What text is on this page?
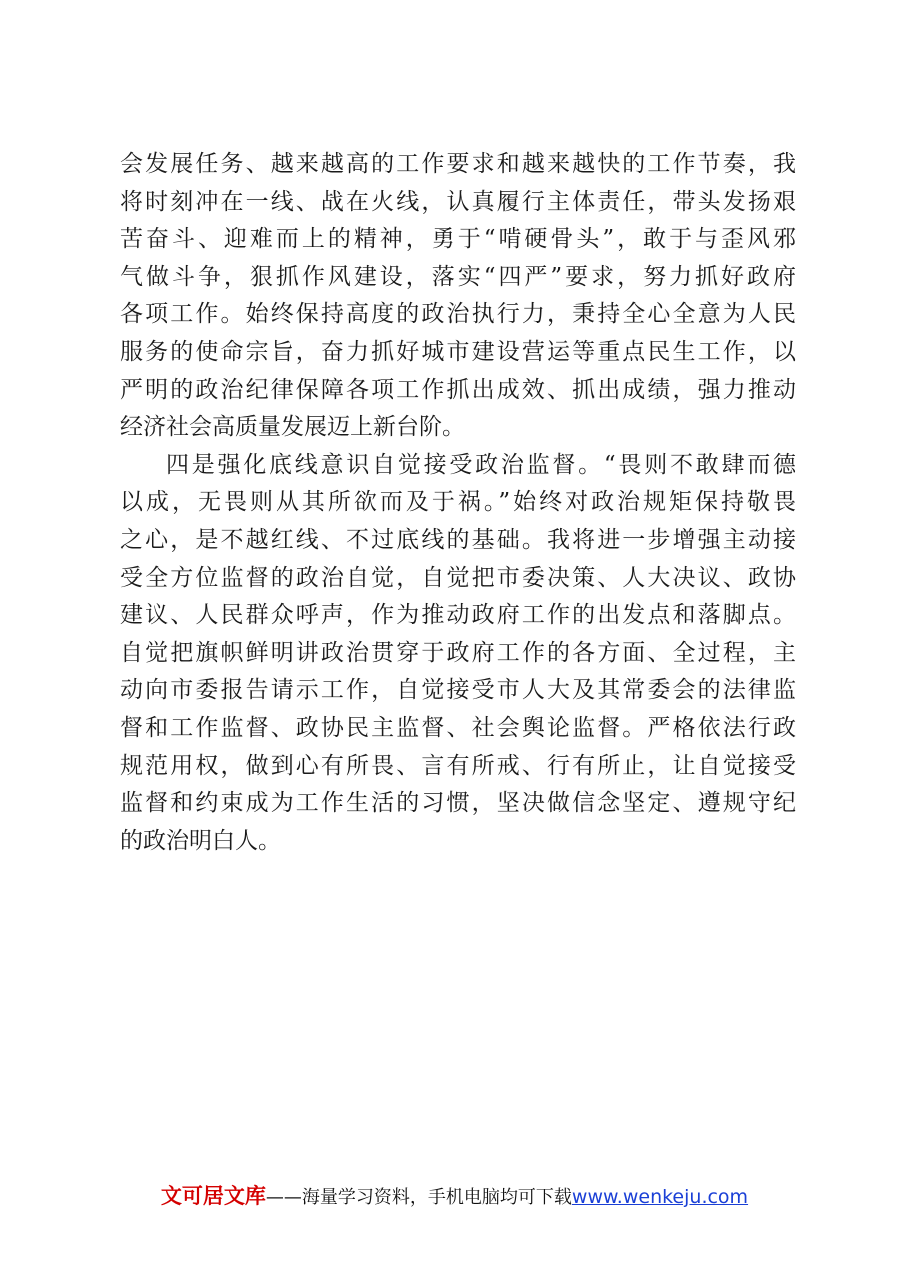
会发展任务、越来越高的工作要求和越来越快的工作节奏，我
将时刻冲在一线、战在火线，认真履行主体责任，带头发扬艰
苦奋斗、迎难而上的精神，勇于“啃硬骨头”，敢于与歪风邪
气做斗争，狠抓作风建设，落实“四严”要求，努力抓好政府
各项工作。始终保持高度的政治执行力，秉持全心全意为人民
服务的使命宗旨，奋力抓好城市建设营运等重点民生工作，以
严明的政治纪律保障各项工作抓出成效、抓出成绩，强力推动
经济社会高质量发展迈上新台阶。
四是强化底线意识自觉接受政治监督。“畏则不敢肆而德
以成，无畏则从其所欲而及于祸。”始终对政治规矩保持敬畏
之心，是不越红线、不过底线的基础。我将进一步增强主动接
受全方位监督的政治自觉，自觉把市委决策、人大决议、政协
建议、人民群众呼声，作为推动政府工作的出发点和落脚点。
自觉把旗帜鲜明讲政治贯穿于政府工作的各方面、全过程，主
动向市委报告请示工作，自觉接受市人大及其常委会的法律监
督和工作监督、政协民主监督、社会舆论监督。严格依法行政
规范用权，做到心有所畏、言有所戒、行有所止，让自觉接受
监督和约束成为工作生活的习惯，坚决做信念坚定、遵规守纪
的政治明白人。
文可居文库——海量学习资料，手机电脑均可下载www.wenkeju.com
